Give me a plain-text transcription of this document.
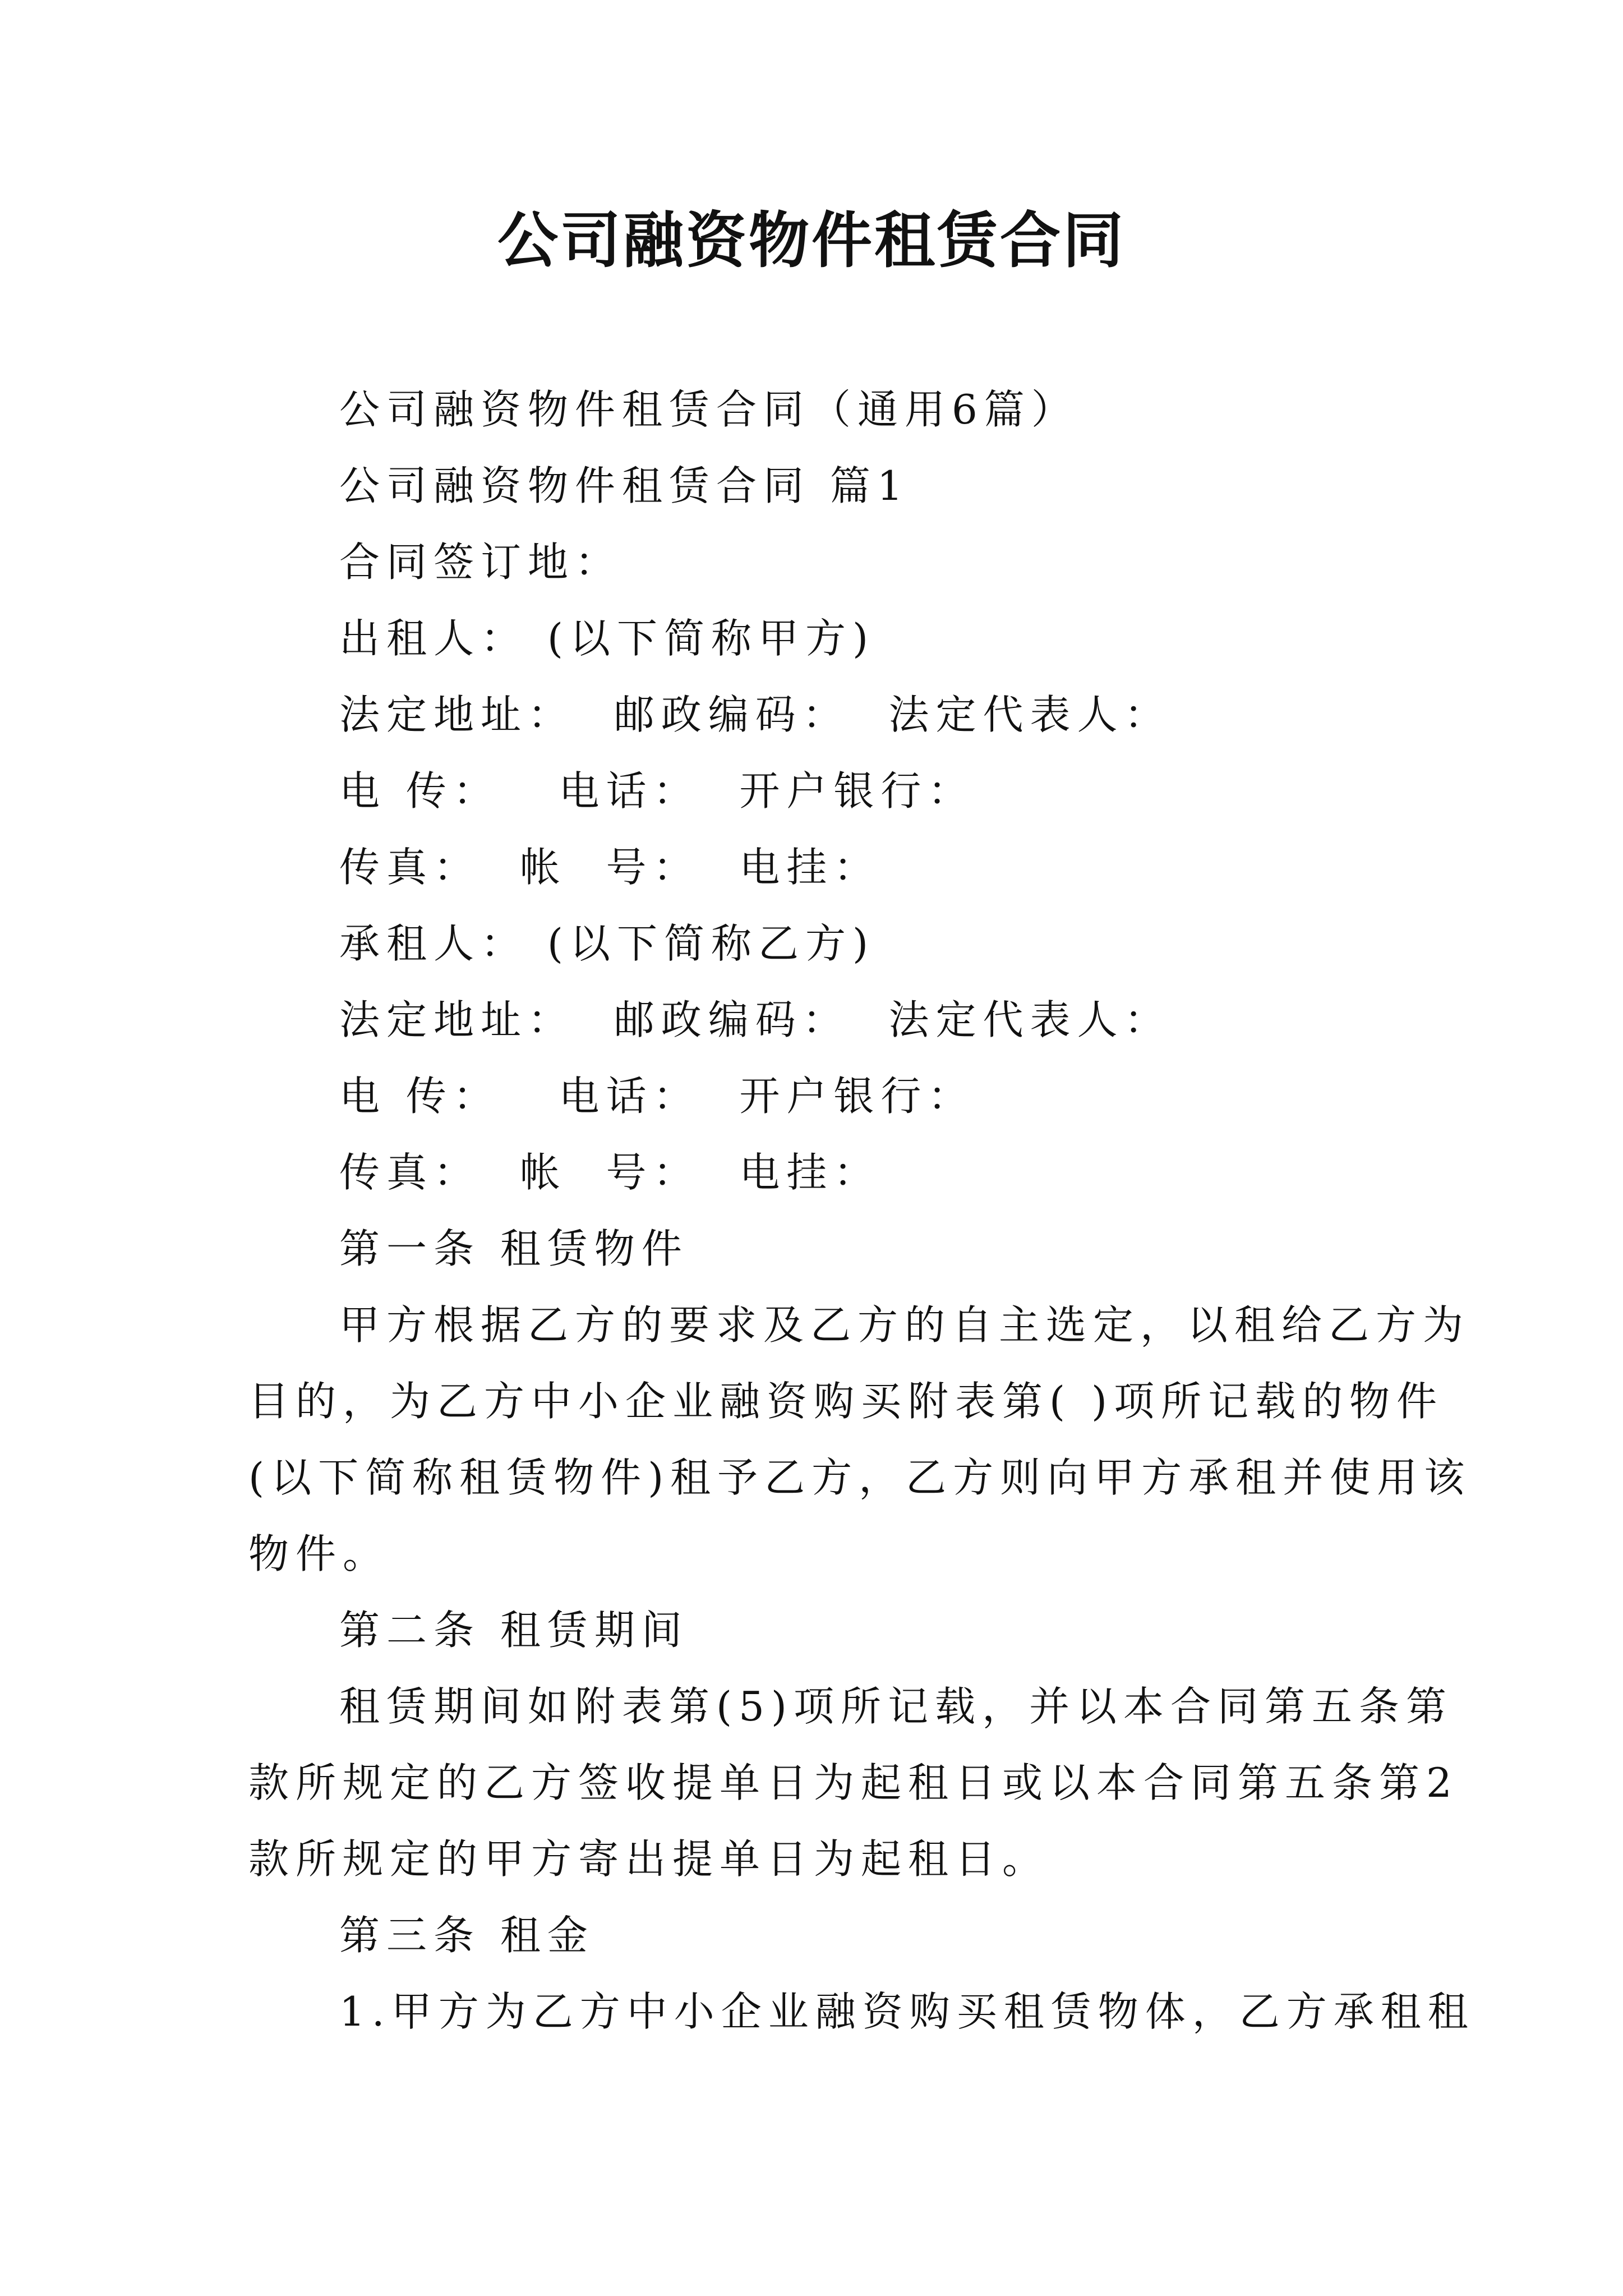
公司融资物件租赁合同

公司融资物件租赁合同（通用6篇）

公司融资物件租赁合同 篇1

合同签订地：

出租人： (以下简称甲方)

法定地址：  邮政编码：  法定代表人：

电 传：   电话：  开户银行：

传真：  帐  号：  电挂：

承租人： (以下简称乙方)

法定地址：  邮政编码：  法定代表人：

电 传：   电话：  开户银行：

传真：  帐  号：  电挂：

第一条 租赁物件

甲方根据乙方的要求及乙方的自主选定，以租给乙方为

目的，为乙方中小企业融资购买附表第( )项所记载的物件

(以下简称租赁物件)租予乙方，乙方则向甲方承租并使用该

物件。

第二条 租赁期间

租赁期间如附表第(5)项所记载，并以本合同第五条第

款所规定的乙方签收提单日为起租日或以本合同第五条第2

款所规定的甲方寄出提单日为起租日。

第三条 租金

1.甲方为乙方中小企业融资购买租赁物体，乙方承租租
